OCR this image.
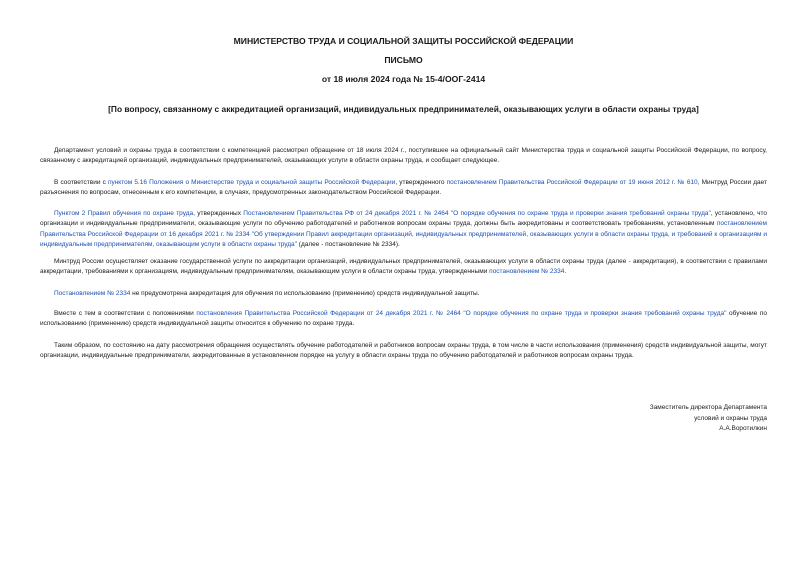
МИНИСТЕРСТВО ТРУДА И СОЦИАЛЬНОЙ ЗАЩИТЫ РОССИЙСКОЙ ФЕДЕРАЦИИ
ПИСЬМО
от 18 июля 2024 года № 15-4/ООГ-2414
[По вопросу, связанному с аккредитацией организаций, индивидуальных предпринимателей, оказывающих услуги в области охраны труда]

Департамент условий и охраны труда в соответствии с компетенцией рассмотрел обращение от 18 июля 2024 г., поступившее на официальный сайт Министерства труда и социальной защиты Российской Федерации, по вопросу, связанному с аккредитацией организаций, индивидуальных предпринимателей, оказывающих услуги в области охраны труда, и сообщает следующее.

В соответствии с пунктом 5.16 Положения о Министерстве труда и социальной защиты Российской Федерации, утвержденного постановлением Правительства Российской Федерации от 19 июня 2012 г. № 610, Минтруд России дает разъяснения по вопросам, отнесенным к его компетенции, в случаях, предусмотренных законодательством Российской Федерации.

Пунктом 2 Правил обучения по охране труда, утвержденных Постановлением Правительства РФ от 24 декабря 2021 г. № 2464 "О порядке обучения по охране труда и проверки знания требований охраны труда", установлено, что организации и индивидуальные предприниматели, оказывающие услуги по обучению работодателей и работников вопросам охраны труда, должны быть аккредитованы и соответствовать требованиям, установленным постановлением Правительства Российской Федерации от 16 декабря 2021 г. № 2334 "Об утверждении Правил аккредитации организаций, индивидуальных предпринимателей, оказывающих услуги в области охраны труда, и требований к организациям и индивидуальным предпринимателям, оказывающим услуги в области охраны труда" (далее - постановление № 2334).

Минтруд России осуществляет оказание государственной услуги по аккредитации организаций, индивидуальных предпринимателей, оказывающих услуги в области охраны труда (далее - аккредитация), в соответствии с правилами аккредитации, требованиями к организациям, индивидуальным предпринимателям, оказывающим услуги в области охраны труда, утвержденными постановлением № 2334.

Постановлением № 2334 не предусмотрена аккредитация для обучения по использованию (применению) средств индивидуальной защиты.

Вместе с тем в соответствии с положениями постановления Правительства Российской Федерации от 24 декабря 2021 г. № 2464 "О порядке обучения по охране труда и проверки знания требований охраны труда" обучение по использованию (применению) средств индивидуальной защиты относится к обучению по охране труда.

Таким образом, по состоянию на дату рассмотрения обращения осуществлять обучение работодателей и работников вопросам охраны труда, в том числе в части использования (применения) средств индивидуальной защиты, могут организации, индивидуальные предприниматели, аккредитованные в установленном порядке на услугу в области охраны труда по обучению работодателей и работников вопросам охраны труда.

Заместитель директора Департамента
условий и охраны труда
А.А.Воротилкин
